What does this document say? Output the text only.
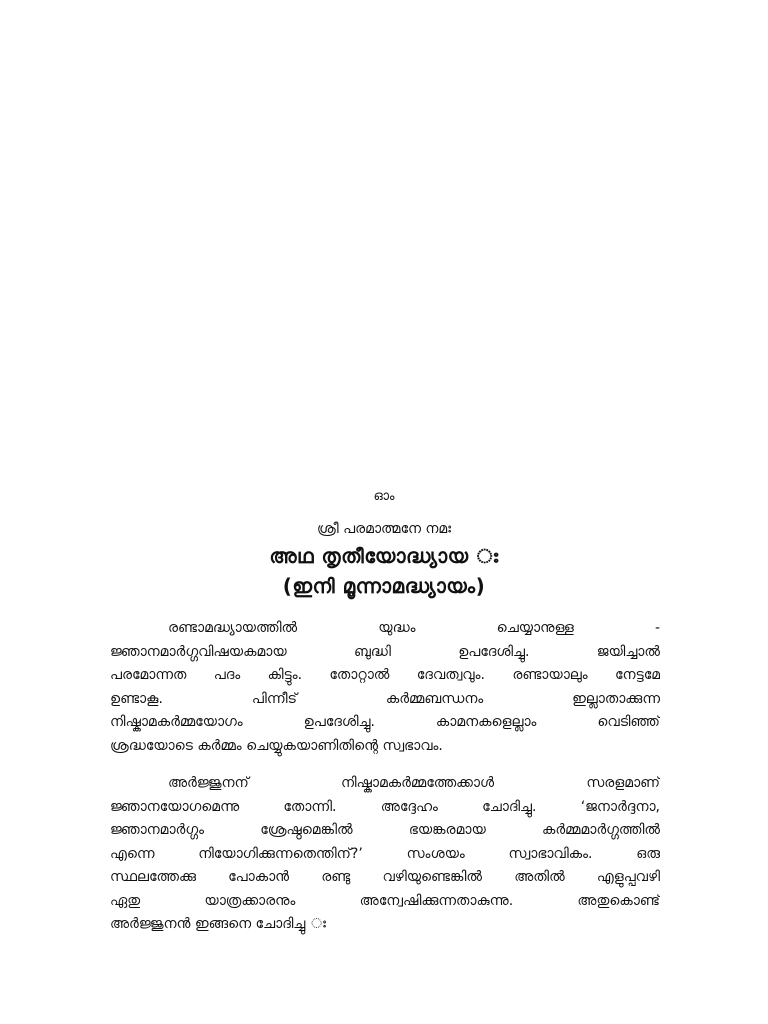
ഓം
ശ്രീ പരമാത്മനേ നമഃ
അഥ തൃതീയോദ്ധ്യായ ഃ
(ഇനി മൂന്നാമദ്ധ്യായം)
രണ്ടാമദ്ധ്യായത്തിൽ യുദ്ധം ചെയ്യാനുള്ള -
ജ്ഞാനമാർഗ്ഗവിഷയകമായ ബുദ്ധി ഉപദേശിച്ചു. ജയിച്ചാൽ
പരമോന്നത പദം കിട്ടും. തോറ്റാൽ ദേവത്വവും. രണ്ടായാലും നേട്ടമേ
ഉണ്ടാകൂ. പിന്നീട് കർമ്മബന്ധനം ഇല്ലാതാക്കുന്ന
നിഷ്കാമകർമ്മയോഗം ഉപദേശിച്ചു. കാമനകളെല്ലാം വെടിഞ്ഞ്
ശ്രദ്ധയോടെ കർമ്മം ചെയ്യുകയാണിതിന്റെ സ്വഭാവം.
അർജ്ജുനന് നിഷ്കാമകർമ്മത്തേക്കാൾ സരളമാണ്
ജ്ഞാനയോഗമെന്നു തോന്നി. അദ്ദേഹം ചോദിച്ചു. ‘ജനാർദ്ദനാ,
ജ്ഞാനമാർഗ്ഗം ശ്രേഷ്ഠമെങ്കിൽ ഭയങ്കരമായ കർമ്മമാർഗ്ഗത്തിൽ
എന്നെ നിയോഗിക്കുന്നതെന്തിന്?’ സംശയം സ്വാഭാവികം. ഒരു
സ്ഥലത്തേക്കു പോകാൻ രണ്ടു വഴിയുണ്ടെങ്കിൽ അതിൽ എളുപ്പവഴി
ഏതു യാത്രക്കാരനും അന്വേഷിക്കുന്നതാകുന്നു. അതുകൊണ്ട്
അർജ്ജുനൻ ഇങ്ങനെ ചോദിച്ചു ഃ
